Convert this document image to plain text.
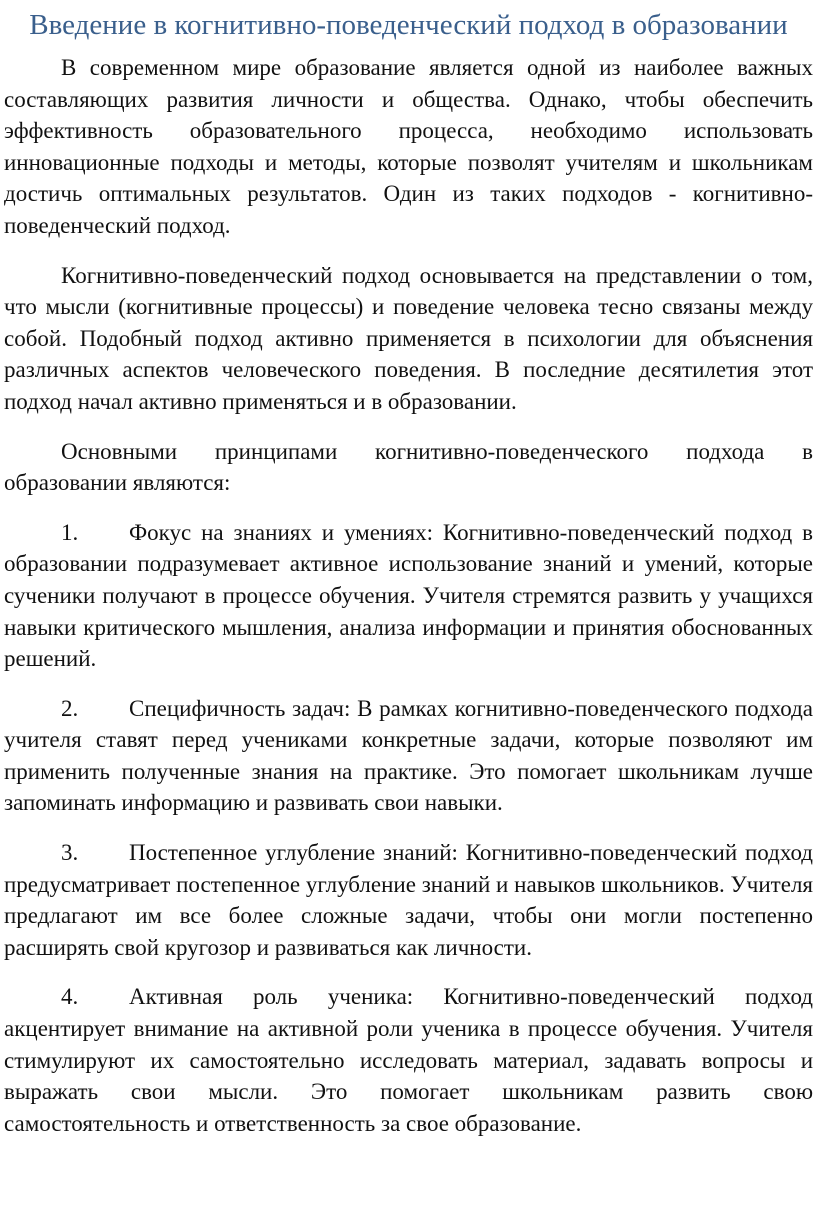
Введение в когнитивно-поведенческий подход в образовании

В современном мире образование является одной из наиболее важных составляющих развития личности и общества. Однако, чтобы обеспечить эффективность образовательного процесса, необходимо использовать инновационные подходы и методы, которые позволят учителям и школьникам достичь оптимальных результатов. Один из таких подходов - когнитивно-поведенческий подход.

Когнитивно-поведенческий подход основывается на представлении о том, что мысли (когнитивные процессы) и поведение человека тесно связаны между собой. Подобный подход активно применяется в психологии для объяснения различных аспектов человеческого поведения. В последние десятилетия этот подход начал активно применяться и в образовании.

Основными принципами когнитивно-поведенческого подхода в образовании являются:

1. Фокус на знаниях и умениях: Когнитивно-поведенческий подход в образовании подразумевает активное использование знаний и умений, которые сученики получают в процессе обучения. Учителя стремятся развить у учащихся навыки критического мышления, анализа информации и принятия обоснованных решений.

2. Специфичность задач: В рамках когнитивно-поведенческого подхода учителя ставят перед учениками конкретные задачи, которые позволяют им применить полученные знания на практике. Это помогает школьникам лучше запоминать информацию и развивать свои навыки.

3. Постепенное углубление знаний: Когнитивно-поведенческий подход предусматривает постепенное углубление знаний и навыков школьников. Учителя предлагают им все более сложные задачи, чтобы они могли постепенно расширять свой кругозор и развиваться как личности.

4. Активная роль ученика: Когнитивно-поведенческий подход акцентирует внимание на активной роли ученика в процессе обучения. Учителя стимулируют их самостоятельно исследовать материал, задавать вопросы и выражать свои мысли. Это помогает школьникам развить свою самостоятельность и ответственность за свое образование.
